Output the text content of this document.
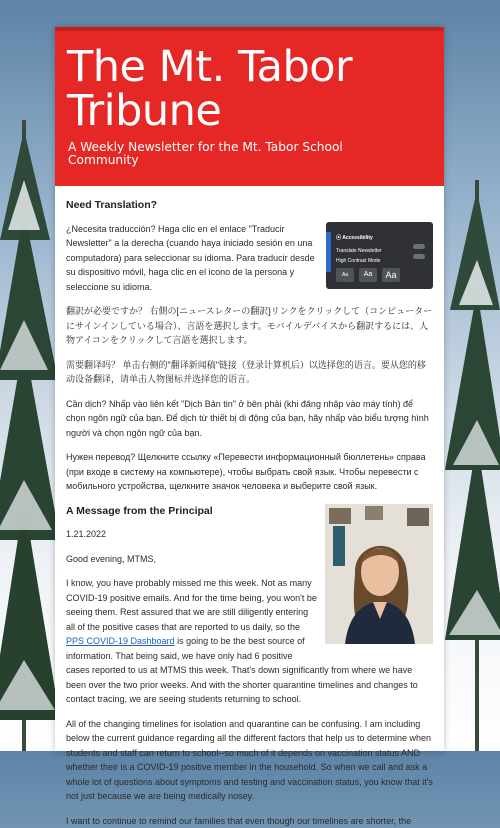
The Mt. Tabor Tribune

A Weekly Newsletter for the Mt. Tabor School Community

Need Translation?
⦿ Accessibility
Translate Newsletter
High Contrast Mode
Aa	Aa	Aa

¿Necesita traducción? Haga clic en el enlace "Traducir Newsletter" a la derecha (cuando haya iniciado sesión en una computadora) para seleccionar su idioma. Para traducir desde su dispositivo móvil, haga clic en el icono de la persona y seleccione su idioma.

翻訳が必要ですか？ 右側の[ニュースレターの翻訳]リンクをクリックして（コンピューターにサインインしている場合）、言語を選択します。モバイルデバイスから翻訳するには、人物アイコンをクリックして言語を選択します。

需要翻译吗？ 单击右侧的"翻译新闻稿"链接（登录计算机后）以选择您的语言。要从您的移动设备翻译，请单击人物图标并选择您的语言。

Cần dịch? Nhấp vào liên kết "Dịch Bản tin" ở bên phải (khi đăng nhập vào máy tính) để chọn ngôn ngữ của bạn. Để dịch từ thiết bị di động của bạn, hãy nhấp vào biểu tượng hình người và chọn ngôn ngữ của bạn.

Нужен перевод? Щелкните ссылку «Перевести информационный бюллетень» справа (при входе в систему на компьютере), чтобы выбрать свой язык. Чтобы перевести с мобильного устройства, щелкните значок человека и выберите свой язык.

A Message from the Principal

1.21.2022

Good evening, MTMS,

I know, you have probably missed me this week. Not as many COVID-19 positive emails. And for the time being, you won't be seeing them. Rest assured that we are still diligently entering all of the positive cases that are reported to us daily, so the PPS COVID-19 Dashboard is going to be the best source of information. That being said, we have only had 6 positive cases reported to us at MTMS this week. That's down significantly from where we have been over the two prior weeks. And with the shorter quarantine timelines and changes to contact tracing, we are seeing students returning to school.

All of the changing timelines for isolation and quarantine can be confusing. I am including below the current guidance regarding all the different factors that help us to determine when students and staff can return to school--so much of it depends on vaccination status AND whether their is a COVID-19 positive member in the household. So when we call and ask a whole lot of questions about symptoms and testing and vaccination status, you know that it's not just because we are being medically nosey.

I want to continue to remind our families that even though our timelines are shorter, the
